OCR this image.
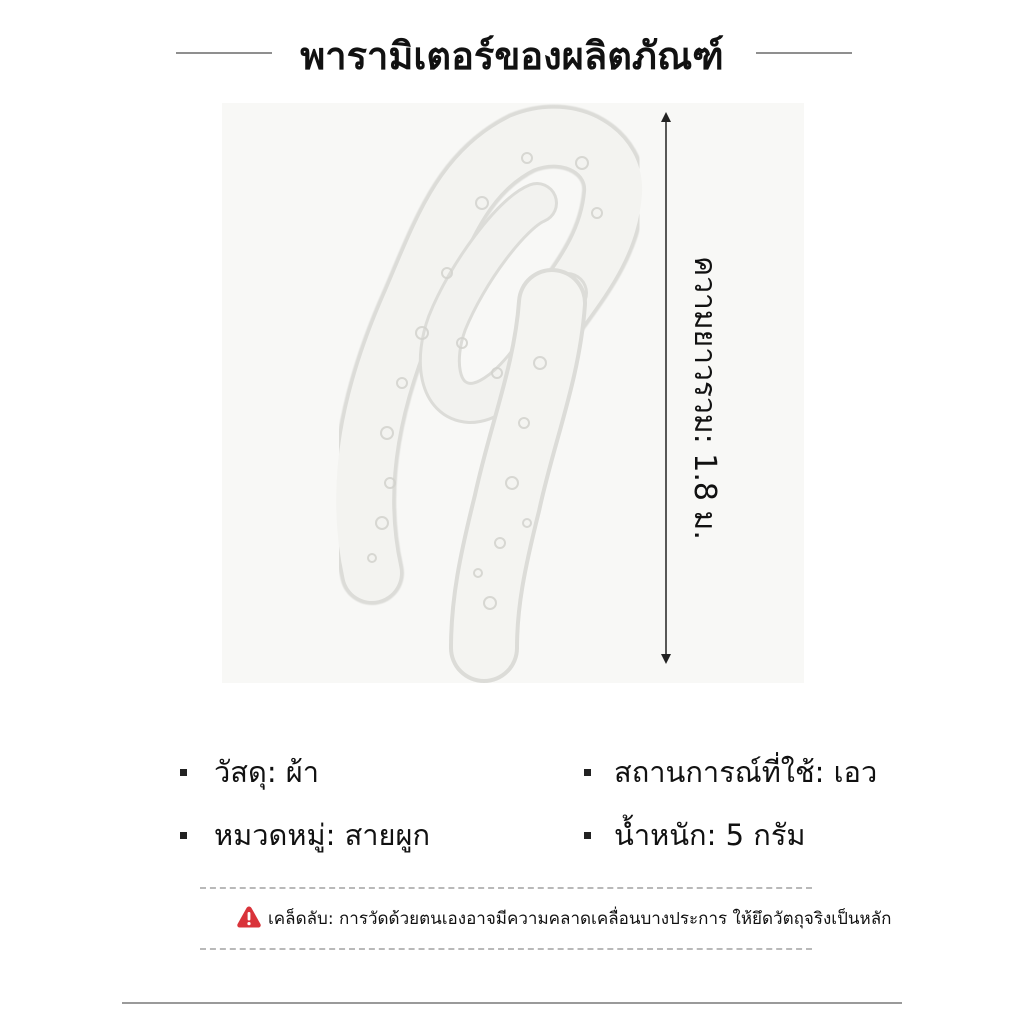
พารามิเตอร์ของผลิตภัณฑ์
ความยาวรวม: 1.8 ม.
วัสดุ: ผ้า
หมวดหมู่: สายผูก
สถานการณ์ที่ใช้: เอว
น้ำหนัก: 5 กรัม
เคล็ดลับ: การวัดด้วยตนเองอาจมีความคลาดเคลื่อนบางประการ ให้ยึดวัตถุจริงเป็นหลัก
